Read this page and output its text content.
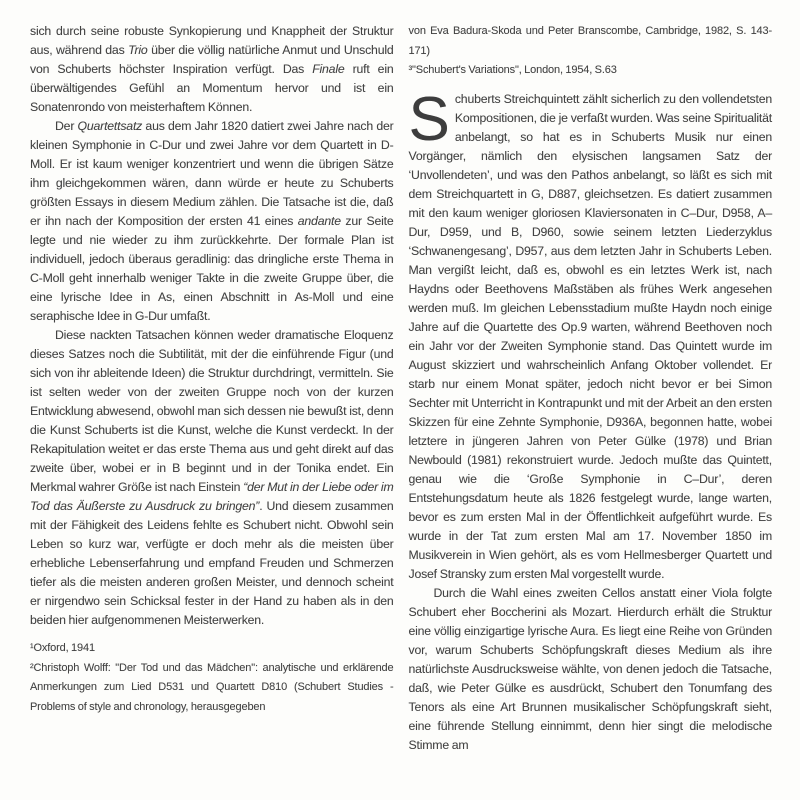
sich durch seine robuste Synkopierung und Knappheit der Struktur aus, während das Trio über die völlig natürliche Anmut und Unschuld von Schuberts höchster Inspiration verfügt. Das Finale ruft ein überwältigendes Gefühl an Momentum hervor und ist ein Sonatenrondo von meisterhaftem Können.

Der Quartettsatz aus dem Jahr 1820 datiert zwei Jahre nach der kleinen Symphonie in C-Dur und zwei Jahre vor dem Quartett in D-Moll. Er ist kaum weniger konzentriert und wenn die übrigen Sätze ihm gleichgekommen wären, dann würde er heute zu Schuberts größten Essays in diesem Medium zählen. Die Tatsache ist die, daß er ihn nach der Komposition der ersten 41 eines andante zur Seite legte und nie wieder zu ihm zurückkehrte. Der formale Plan ist individuell, jedoch überaus geradlinig: das dringliche erste Thema in C-Moll geht innerhalb weniger Takte in die zweite Gruppe über, die eine lyrische Idee in As, einen Abschnitt in As-Moll und eine seraphische Idee in G-Dur umfaßt.

Diese nackten Tatsachen können weder dramatische Eloquenz dieses Satzes noch die Subtilität, mit der die einführende Figur (und sich von ihr ableitende Ideen) die Struktur durchdringt, vermitteln. Sie ist selten weder von der zweiten Gruppe noch von der kurzen Entwicklung abwesend, obwohl man sich dessen nie bewußt ist, denn die Kunst Schuberts ist die Kunst, welche die Kunst verdeckt. In der Rekapitulation weitet er das erste Thema aus und geht direkt auf das zweite über, wobei er in B beginnt und in der Tonika endet. Ein Merkmal wahrer Größe ist nach Einstein “der Mut in der Liebe oder im Tod das Äußerste zu Ausdruck zu bringen”. Und diesem zusammen mit der Fähigkeit des Leidens fehlte es Schubert nicht. Obwohl sein Leben so kurz war, verfügte er doch mehr als die meisten über erhebliche Lebenserfahrung und empfand Freuden und Schmerzen tiefer als die meisten anderen großen Meister, und dennoch scheint er nirgendwo sein Schicksal fester in der Hand zu haben als in den beiden hier aufgenommenen Meisterwerken.

¹Oxford, 1941

²Christoph Wolff: "Der Tod und das Mädchen": analytische und erklärende Anmerkungen zum Lied D531 und Quartett D810 (Schubert Studies - Problems of style and chronology, herausgegeben

von Eva Badura-Skoda und Peter Branscombe, Cambridge, 1982, S. 143-171)

³"Schubert's Variations", London, 1954, S.63

Schuberts Streichquintett zählt sicherlich zu den vollendetsten Kompositionen, die je verfaßt wurden. Was seine Spiritualität anbelangt, so hat es in Schuberts Musik nur einen Vorgänger, nämlich den elysischen langsamen Satz der ‘Unvollendeten’, und was den Pathos anbelangt, so läßt es sich mit dem Streichquartett in G, D887, gleichsetzen. Es datiert zusammen mit den kaum weniger gloriosen Klaviersonaten in C–Dur, D958, A–Dur, D959, und B, D960, sowie seinem letzten Liederzyklus ‘Schwanengesang’, D957, aus dem letzten Jahr in Schuberts Leben. Man vergißt leicht, daß es, obwohl es ein letztes Werk ist, nach Haydns oder Beethovens Maßstäben als frühes Werk angesehen werden muß. Im gleichen Lebensstadium mußte Haydn noch einige Jahre auf die Quartette des Op.9 warten, während Beethoven noch ein Jahr vor der Zweiten Symphonie stand. Das Quintett wurde im August skizziert und wahrscheinlich Anfang Oktober vollendet. Er starb nur einem Monat später, jedoch nicht bevor er bei Simon Sechter mit Unterricht in Kontrapunkt und mit der Arbeit an den ersten Skizzen für eine Zehnte Symphonie, D936A, begonnen hatte, wobei letztere in jüngeren Jahren von Peter Gülke (1978) und Brian Newbould (1981) rekonstruiert wurde. Jedoch mußte das Quintett, genau wie die ‘Große Symphonie in C–Dur’, deren Entstehungsdatum heute als 1826 festgelegt wurde, lange warten, bevor es zum ersten Mal in der Öffentlichkeit aufgeführt wurde. Es wurde in der Tat zum ersten Mal am 17. November 1850 im Musikverein in Wien gehört, als es vom Hellmesberger Quartett und Josef Stransky zum ersten Mal vorgestellt wurde.

Durch die Wahl eines zweiten Cellos anstatt einer Viola folgte Schubert eher Boccherini als Mozart. Hierdurch erhält die Struktur eine völlig einzigartige lyrische Aura. Es liegt eine Reihe von Gründen vor, warum Schuberts Schöpfungskraft dieses Medium als ihre natürlichste Ausdrucksweise wählte, von denen jedoch die Tatsache, daß, wie Peter Gülke es ausdrückt, Schubert den Tonumfang des Tenors als eine Art Brunnen musikalischer Schöpfungskraft sieht, eine führende Stellung einnimmt, denn hier singt die melodische Stimme am
